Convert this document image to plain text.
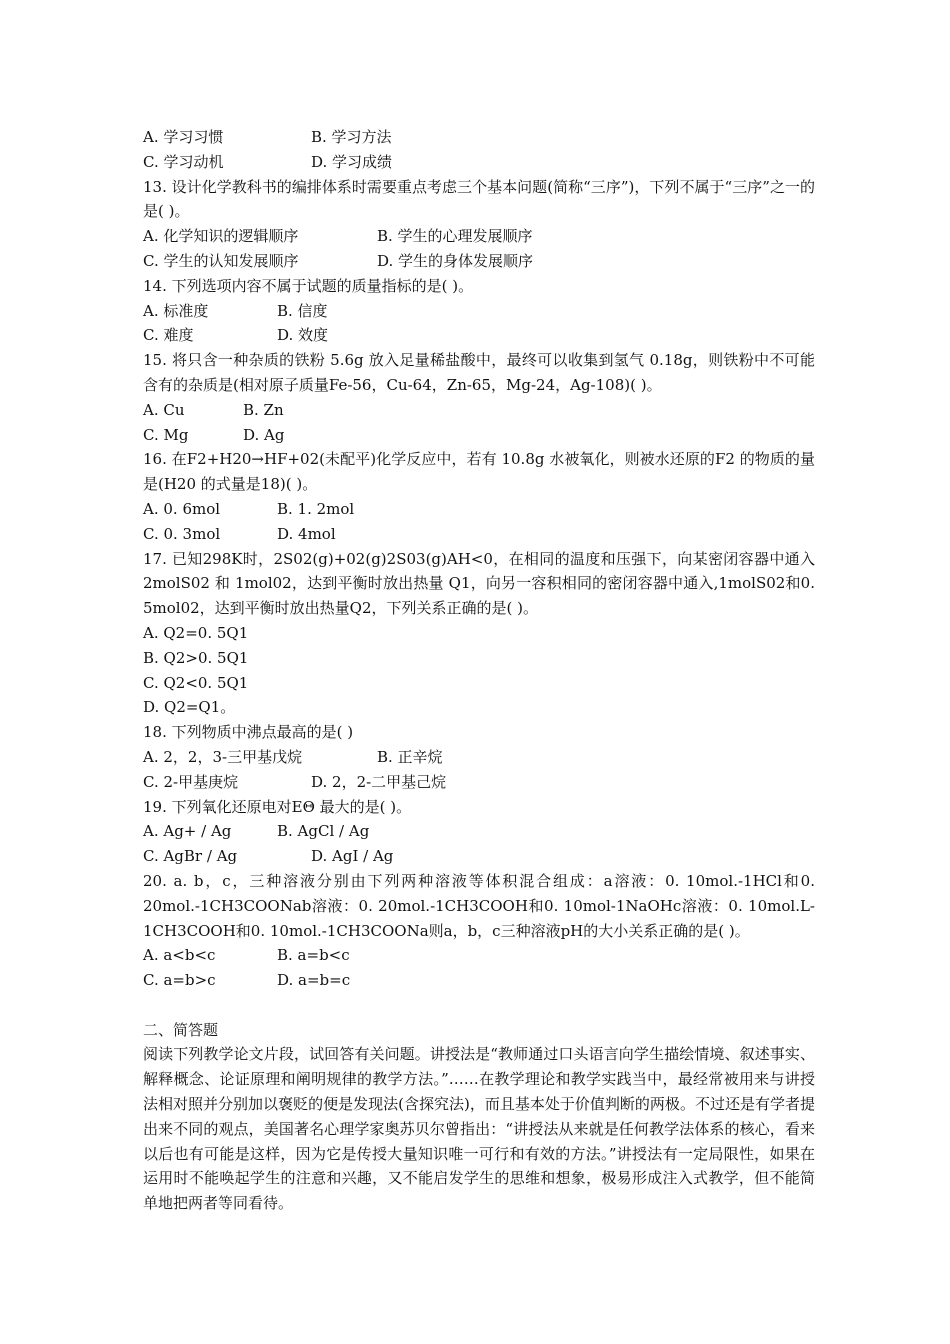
A. 学习习惯	B. 学习方法
C. 学习动机	D. 学习成绩
13. 设计化学教科书的编排体系时需要重点考虑三个基本问题(简称“三序”)，下列不属于“三序”之一的是( )。
A. 化学知识的逻辑顺序	B. 学生的心理发展顺序
C. 学生的认知发展顺序	D. 学生的身体发展顺序
14. 下列选项内容不属于试题的质量指标的是( )。
A. 标准度	B. 信度
C. 难度	D. 效度
15. 将只含一种杂质的铁粉 5.6g 放入足量稀盐酸中，最终可以收集到氢气 0.18g，则铁粉中不可能含有的杂质是(相对原子质量Fe-56，Cu-64，Zn-65，Mg-24，Ag-108)( )。
A. Cu	B. Zn
C. Mg	D. Ag
16. 在F2+H20→HF+02(未配平)化学反应中，若有 10.8g 水被氧化，则被水还原的F2 的物质的量是(H20 的式量是18)( )。
A. 0. 6mol	B. 1. 2mol
C. 0. 3mol	D. 4mol
17. 已知298K时，2S02(g)+02(g)2S03(g)AH<0，在相同的温度和压强下，向某密闭容器中通入 2molS02 和 1mol02，达到平衡时放出热量 Q1，向另一容积相同的密闭容器中通入,1molS02和0. 5mol02，达到平衡时放出热量Q2，下列关系正确的是( )。
A. Q2=0. 5Q1
B. Q2>0. 5Q1
C. Q2<0. 5Q1
D. Q2=Q1。
18. 下列物质中沸点最高的是( )
A. 2，2，3-三甲基戊烷	B. 正辛烷
C. 2-甲基庚烷	D. 2，2-二甲基己烷
19. 下列氧化还原电对EΘ 最大的是( )。
A. Ag+ / Ag	B. AgCl / Ag
C. AgBr / Ag	D. AgI / Ag
20. a. b，c，三种溶液分别由下列两种溶液等体积混合组成：a溶液：0. 10mol.-1HCl和0. 20mol.-1CH3COONab溶液：0. 20mol.-1CH3COOH和0. 10mol-1NaOHc溶液：0. 10mol.L-1CH3COOH和0. 10mol.-1CH3COONa则a，b，c三种溶液pH的大小关系正确的是( )。
A. a<b<c	B. a=b<c
C. a=b>c	D. a=b=c
二、简答题
阅读下列教学论文片段，试回答有关问题。讲授法是“教师通过口头语言向学生描绘情境、叙述事实、解释概念、论证原理和阐明规律的教学方法。”……在教学理论和教学实践当中，最经常被用来与讲授法相对照并分别加以褒贬的便是发现法(含探究法)，而且基本处于价值判断的两极。不过还是有学者提出来不同的观点，美国著名心理学家奥苏贝尔曾指出：“讲授法从来就是任何教学法体系的核心，看来以后也有可能是这样，因为它是传授大量知识唯一可行和有效的方法。”讲授法有一定局限性，如果在运用时不能唤起学生的注意和兴趣，又不能启发学生的思维和想象，极易形成注入式教学，但不能简单地把两者等同看待。
